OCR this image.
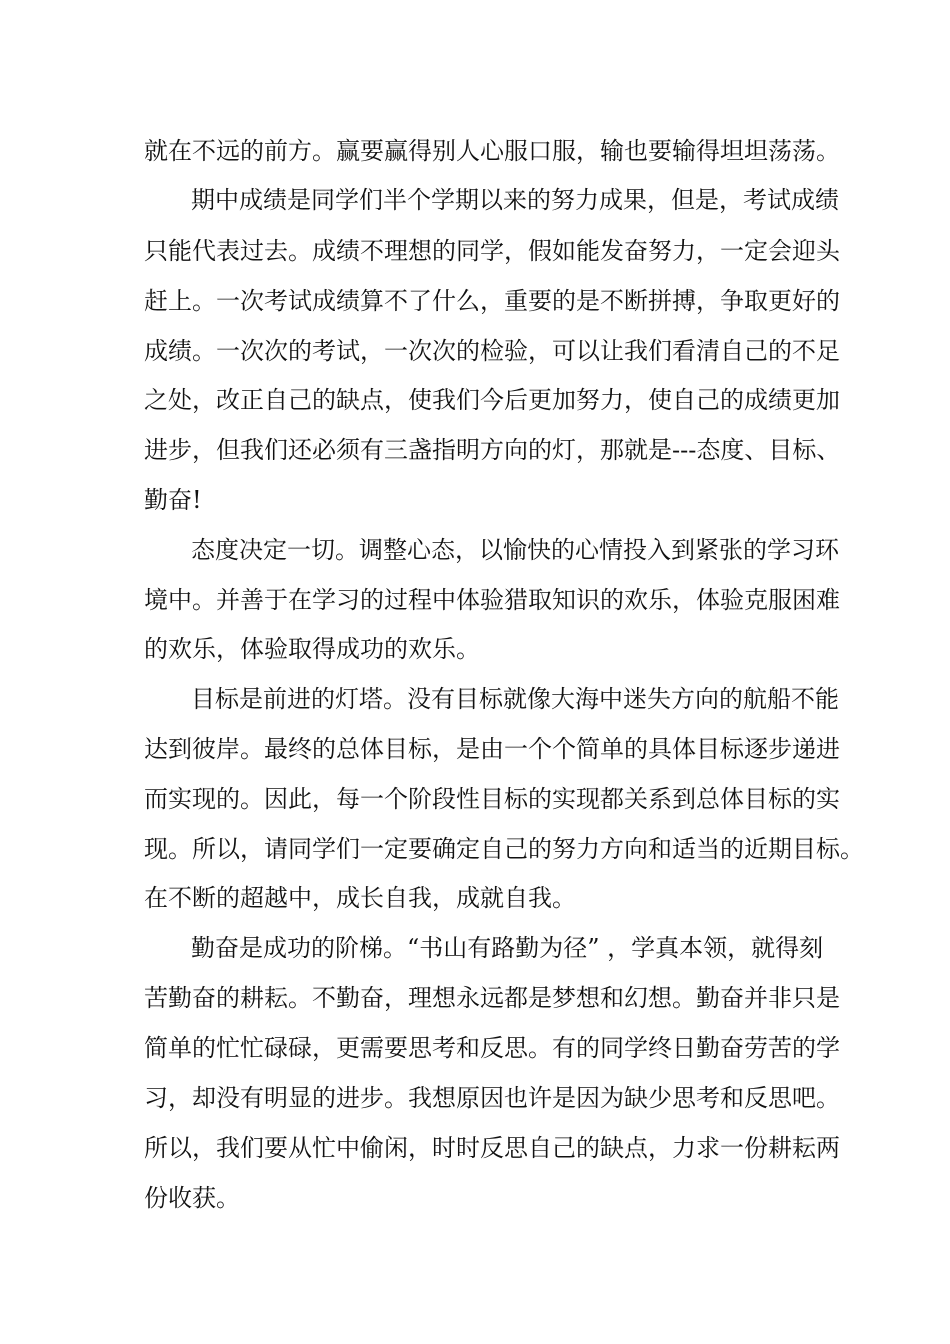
就在不远的前方。赢要赢得别人心服口服，输也要输得坦坦荡荡。
期中成绩是同学们半个学期以来的努力成果，但是，考试成绩
只能代表过去。成绩不理想的同学，假如能发奋努力，一定会迎头
赶上。一次考试成绩算不了什么，重要的是不断拼搏，争取更好的
成绩。一次次的考试，一次次的检验，可以让我们看清自己的不足
之处，改正自己的缺点，使我们今后更加努力，使自己的成绩更加
进步，但我们还必须有三盏指明方向的灯，那就是---态度、目标、
勤奋!
态度决定一切。调整心态，以愉快的心情投入到紧张的学习环
境中。并善于在学习的过程中体验猎取知识的欢乐，体验克服困难
的欢乐，体验取得成功的欢乐。
目标是前进的灯塔。没有目标就像大海中迷失方向的航船不能
达到彼岸。最终的总体目标，是由一个个简单的具体目标逐步递进
而实现的。因此，每一个阶段性目标的实现都关系到总体目标的实
现。所以，请同学们一定要确定自己的努力方向和适当的近期目标。
在不断的超越中，成长自我，成就自我。
勤奋是成功的阶梯。“书山有路勤为径” ，学真本领，就得刻
苦勤奋的耕耘。不勤奋，理想永远都是梦想和幻想。勤奋并非只是
简单的忙忙碌碌，更需要思考和反思。有的同学终日勤奋劳苦的学
习，却没有明显的进步。我想原因也许是因为缺少思考和反思吧。
所以，我们要从忙中偷闲，时时反思自己的缺点，力求一份耕耘两
份收获。
